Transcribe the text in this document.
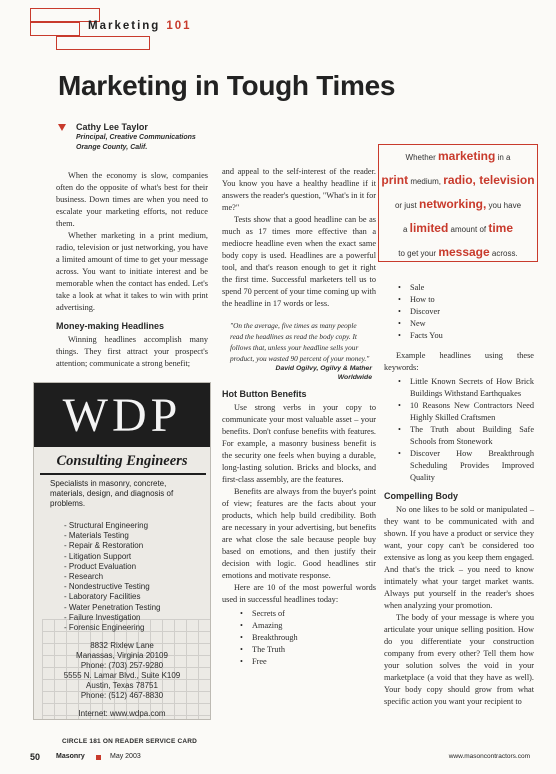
Marketing 101
Marketing in Tough Times
Cathy Lee Taylor
Principal, Creative Communications
Orange County, Calif.

When the economy is slow, companies often do the opposite of what's best for their business. Down times are when you need to escalate your marketing efforts, not reduce them.

Whether marketing in a print medium, radio, television or just networking, you have a limited amount of time to get your message across. You want to initiate interest and be memorable when the contact has ended. Let's take a look at what it takes to win with print advertising.

Money-making Headlines

Winning headlines accomplish many things. They first attract your prospect's attention; communicate a strong benefit;

and appeal to the self-interest of the reader. You know you have a healthy headline if it answers the reader's question, "What's in it for me?"

Tests show that a good headline can be as much as 17 times more effective than a mediocre headline even when the exact same body copy is used. Headlines are a powerful tool, and that's reason enough to get it right the first time. Successful marketers tell us to spend 70 percent of your time coming up with the headline in 17 words or less.

"On the average, five times as many people read the headlines as read the body copy. It follows that, unless your headline sells your product, you wasted 90 percent of your money."

David Ogilvy, Ogilvy & Mather
Worldwide
Hot Button Benefits

Use strong verbs in your copy to communicate your most valuable asset – your benefits. Don't confuse benefits with features. For example, a masonry business benefit is the security one feels when buying a durable, long-lasting solution. Bricks and blocks, and first-class assembly, are the features.

Benefits are always from the buyer's point of view; features are the facts about your products, which help build credibility. Both are necessary in your advertising, but benefits are what close the sale because people buy based on emotions, and then justify their decision with logic. Good headlines stir emotions and motivate response.

Here are 10 of the most powerful words used in successful headlines today:

• Secrets of
• Amazing
• Breakthrough
• The Truth
• Free
Whether marketing in a
print medium, radio, television
or just networking, you have
a limited amount of time
to get your message across.
• Sale
• How to
• Discover
• New
• Facts You

Example headlines using these keywords:

• Little Known Secrets of How Brick Buildings Withstand Earthquakes
• 10 Reasons New Contractors Need Highly Skilled Craftsmen
• The Truth about Building Safe Schools from Stonework
• Discover How Breakthrough Scheduling Provides Improved Quality
Compelling Body

No one likes to be sold or manipulated – they want to be communicated with and shown. If you have a product or service they want, your copy can't be considered too extensive as long as you keep them engaged. And that's the trick – you need to know intimately what your target market wants. Always put yourself in the reader's shoes when analyzing your promotion.

The body of your message is where you articulate your unique selling position. How do you differentiate your construction company from every other? Tell them how your solution solves the void in your marketplace (a void that they have as well). Your body copy should grow from what specific action you want your recipient to

WDP
Consulting Engineers
Specialists in masonry, concrete, materials, design, and diagnosis of problems.
- Structural Engineering
- Materials Testing
- Repair & Restoration
- Litigation Support
- Product Evaluation
- Research
- Nondestructive Testing
- Laboratory Facilities
- Water Penetration Testing
- Failure Investigation
- Forensic Engineering
8832 Rixlew Lane
Manassas, Virginia 20109
Phone: (703) 257-9280
5555 N. Lamar Blvd., Suite K109
Austin, Texas 78751
Phone: (512) 467-8830
Internet: www.wdpa.com
CIRCLE 181 ON READER SERVICE CARD
50 Masonry	May 2003	www.masoncontractors.com
